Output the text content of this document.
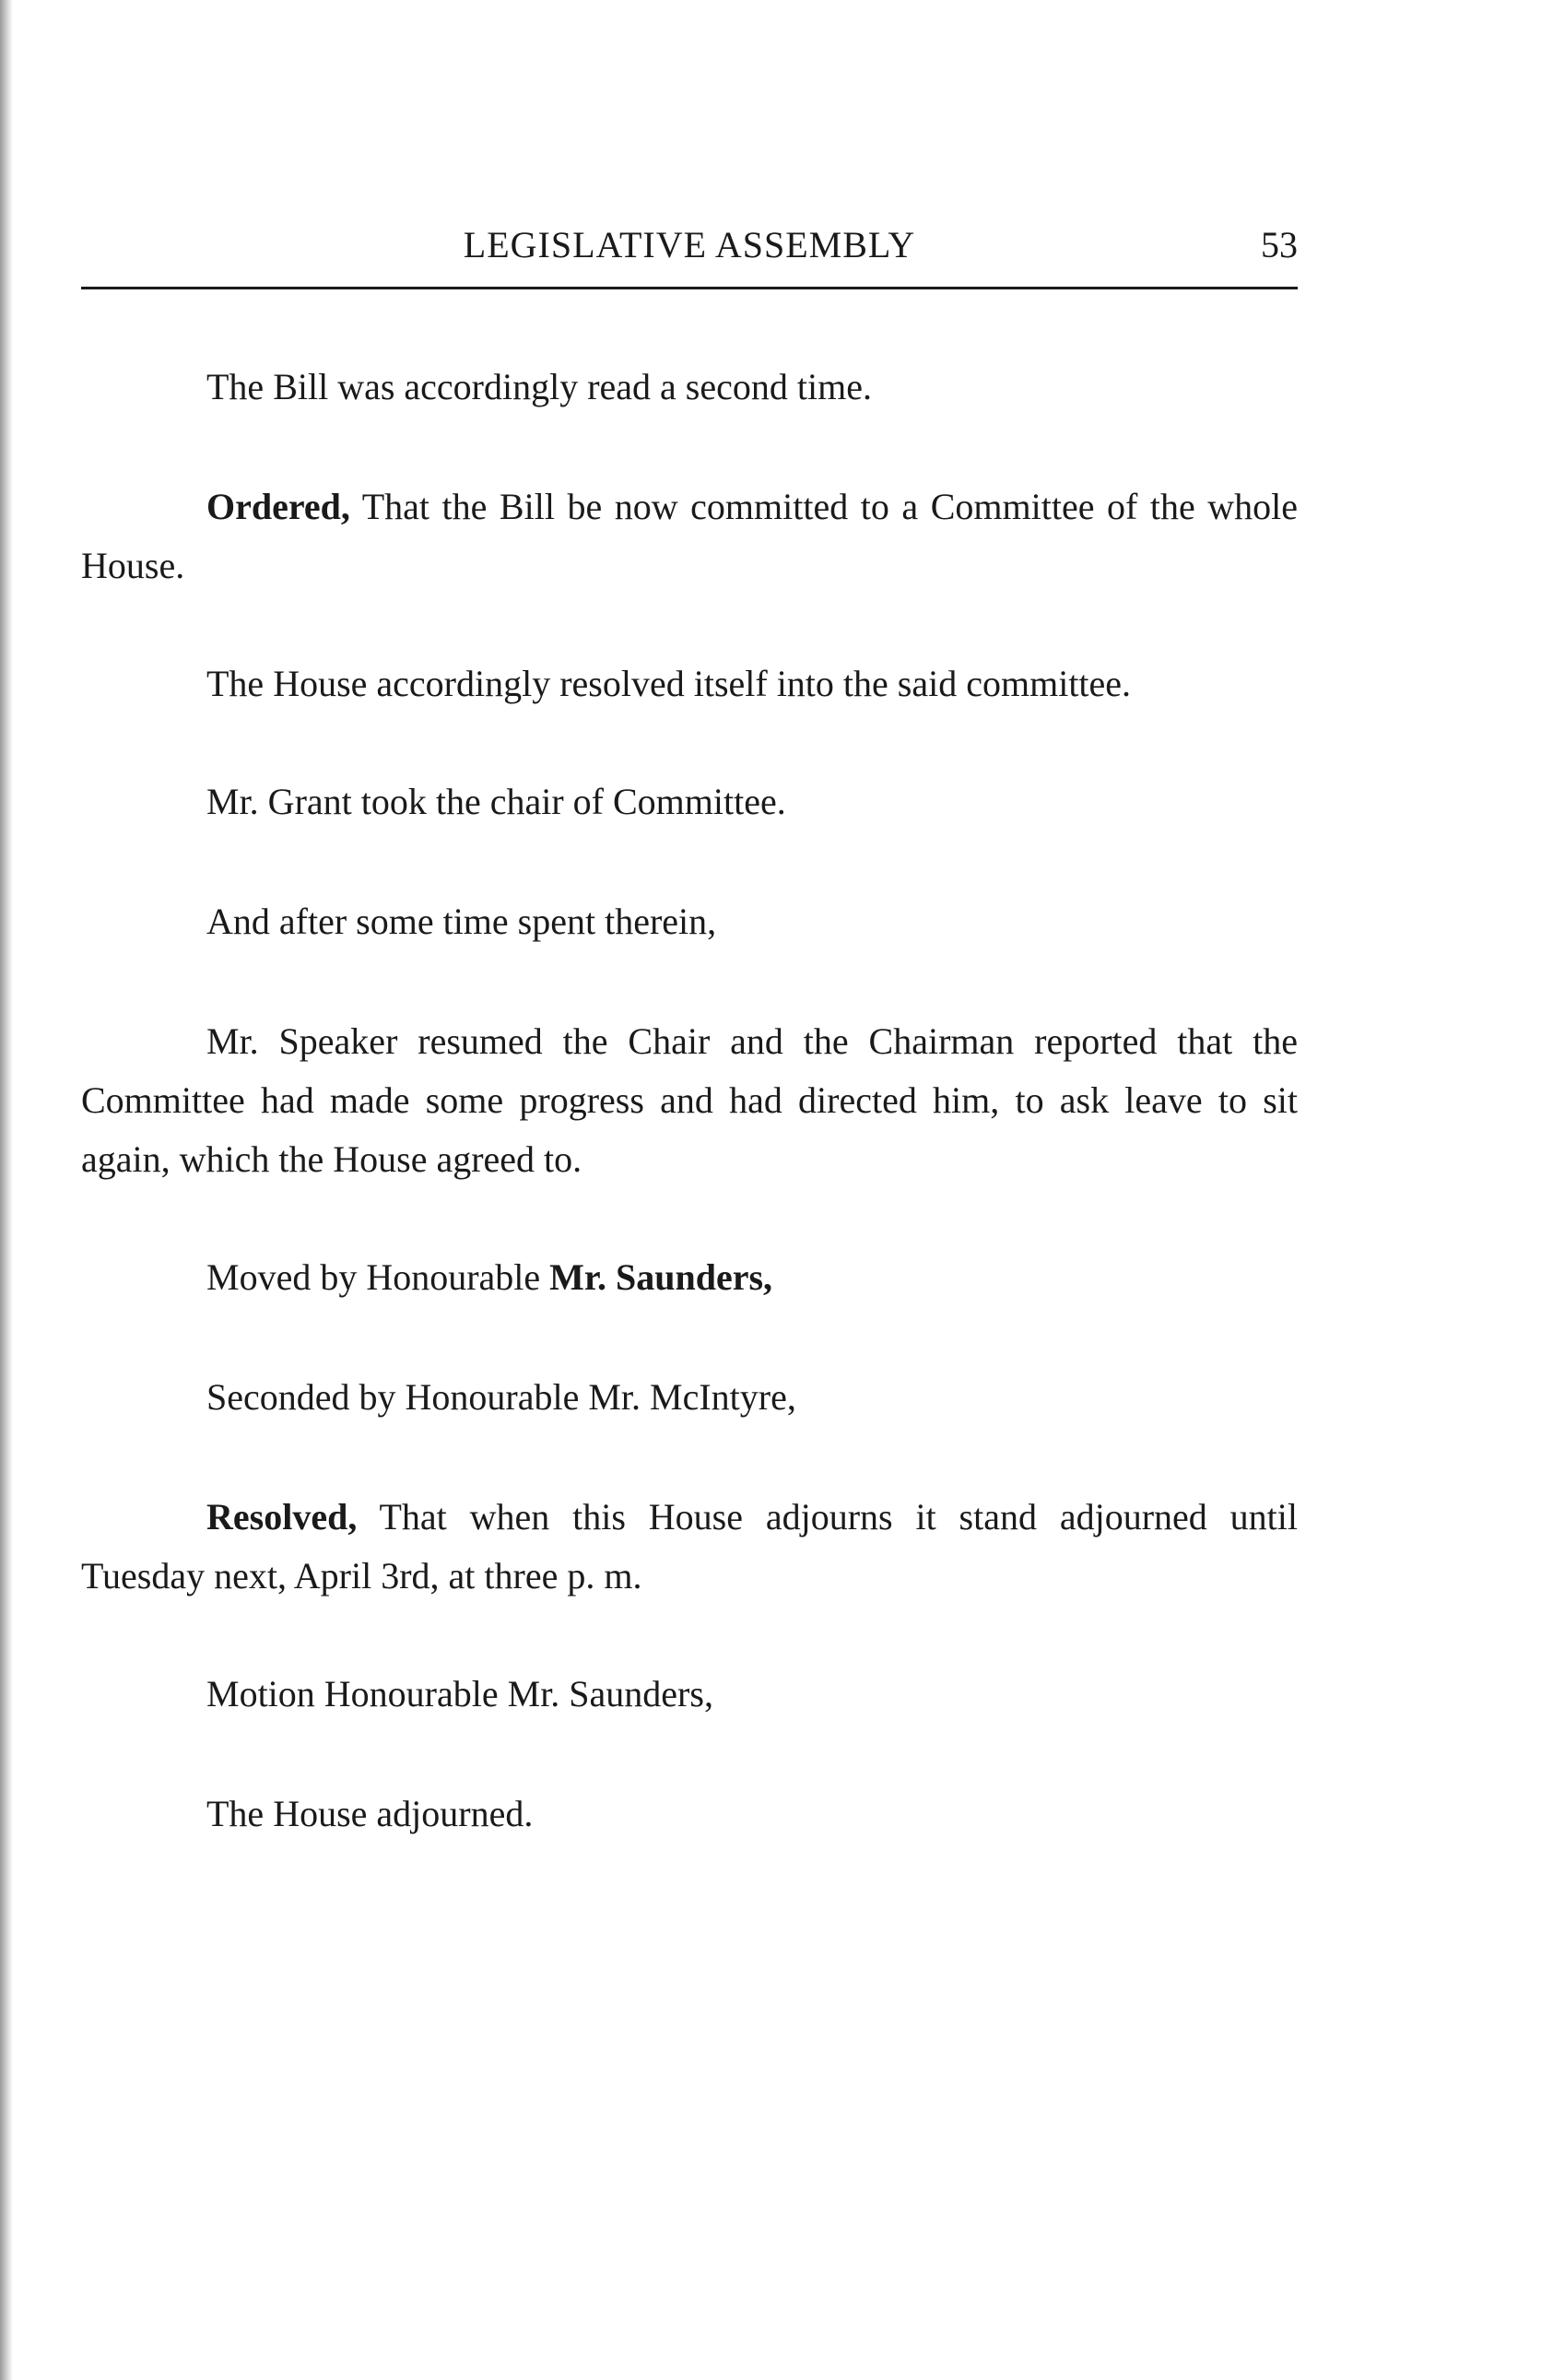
LEGISLATIVE ASSEMBLY	53

The Bill was accordingly read a second time.

Ordered, That the Bill be now committed to a Committee of the whole House.

The House accordingly resolved itself into the said committee.

Mr. Grant took the chair of Committee.

And after some time spent therein,

Mr. Speaker resumed the Chair and the Chairman reported that the Committee had made some progress and had directed him, to ask leave to sit again, which the House agreed to.

Moved by Honourable Mr. Saunders,

Seconded by Honourable Mr. McIntyre,

Resolved, That when this House adjourns it stand adjourned until Tuesday next, April 3rd, at three p. m.

Motion Honourable Mr. Saunders,

The House adjourned.
